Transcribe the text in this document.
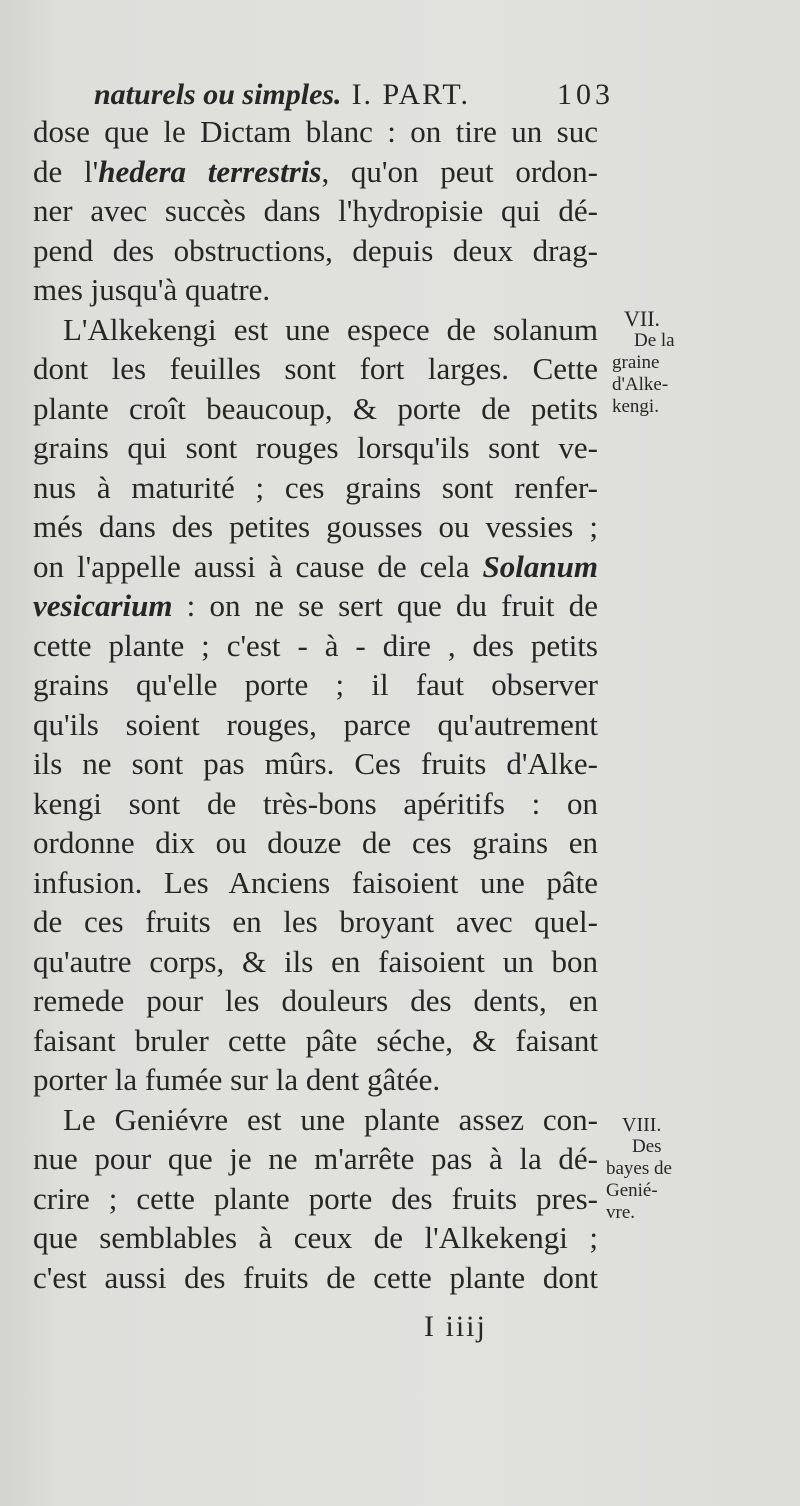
naturels ou simples. I. PART.	103
dose que le Dictam blanc : on tire un suc
de l'hedera terrestris, qu'on peut ordon-
ner avec succès dans l'hydropisie qui dé-
pend des obstructions, depuis deux drag-
mes jusqu'à quatre.
L'Alkekengi est une espece de solanum
dont les feuilles sont fort larges. Cette
plante croît beaucoup, & porte de petits
grains qui sont rouges lorsqu'ils sont ve-
nus à maturité ; ces grains sont renfer-
més dans des petites gousses ou vessies ;
on l'appelle aussi à cause de cela Solanum
vesicarium : on ne se sert que du fruit de
cette plante ; c'est - à - dire , des petits
grains qu'elle porte ; il faut observer
qu'ils soient rouges, parce qu'autrement
ils ne sont pas mûrs. Ces fruits d'Alke-
kengi sont de très-bons apéritifs : on
ordonne dix ou douze de ces grains en
infusion. Les Anciens faisoient une pâte
de ces fruits en les broyant avec quel-
qu'autre corps, & ils en faisoient un bon
remede pour les douleurs des dents, en
faisant bruler cette pâte séche, & faisant
porter la fumée sur la dent gâtée.
Le Geniévre est une plante assez con-
nue pour que je ne m'arrête pas à la dé-
crire ; cette plante porte des fruits pres-
que semblables à ceux de l'Alkekengi ;
c'est aussi des fruits de cette plante dont
VII.
De la
graine
d'Alke-
kengi.
VIII.
Des
bayes de
Genié-
vre.
I iiij
